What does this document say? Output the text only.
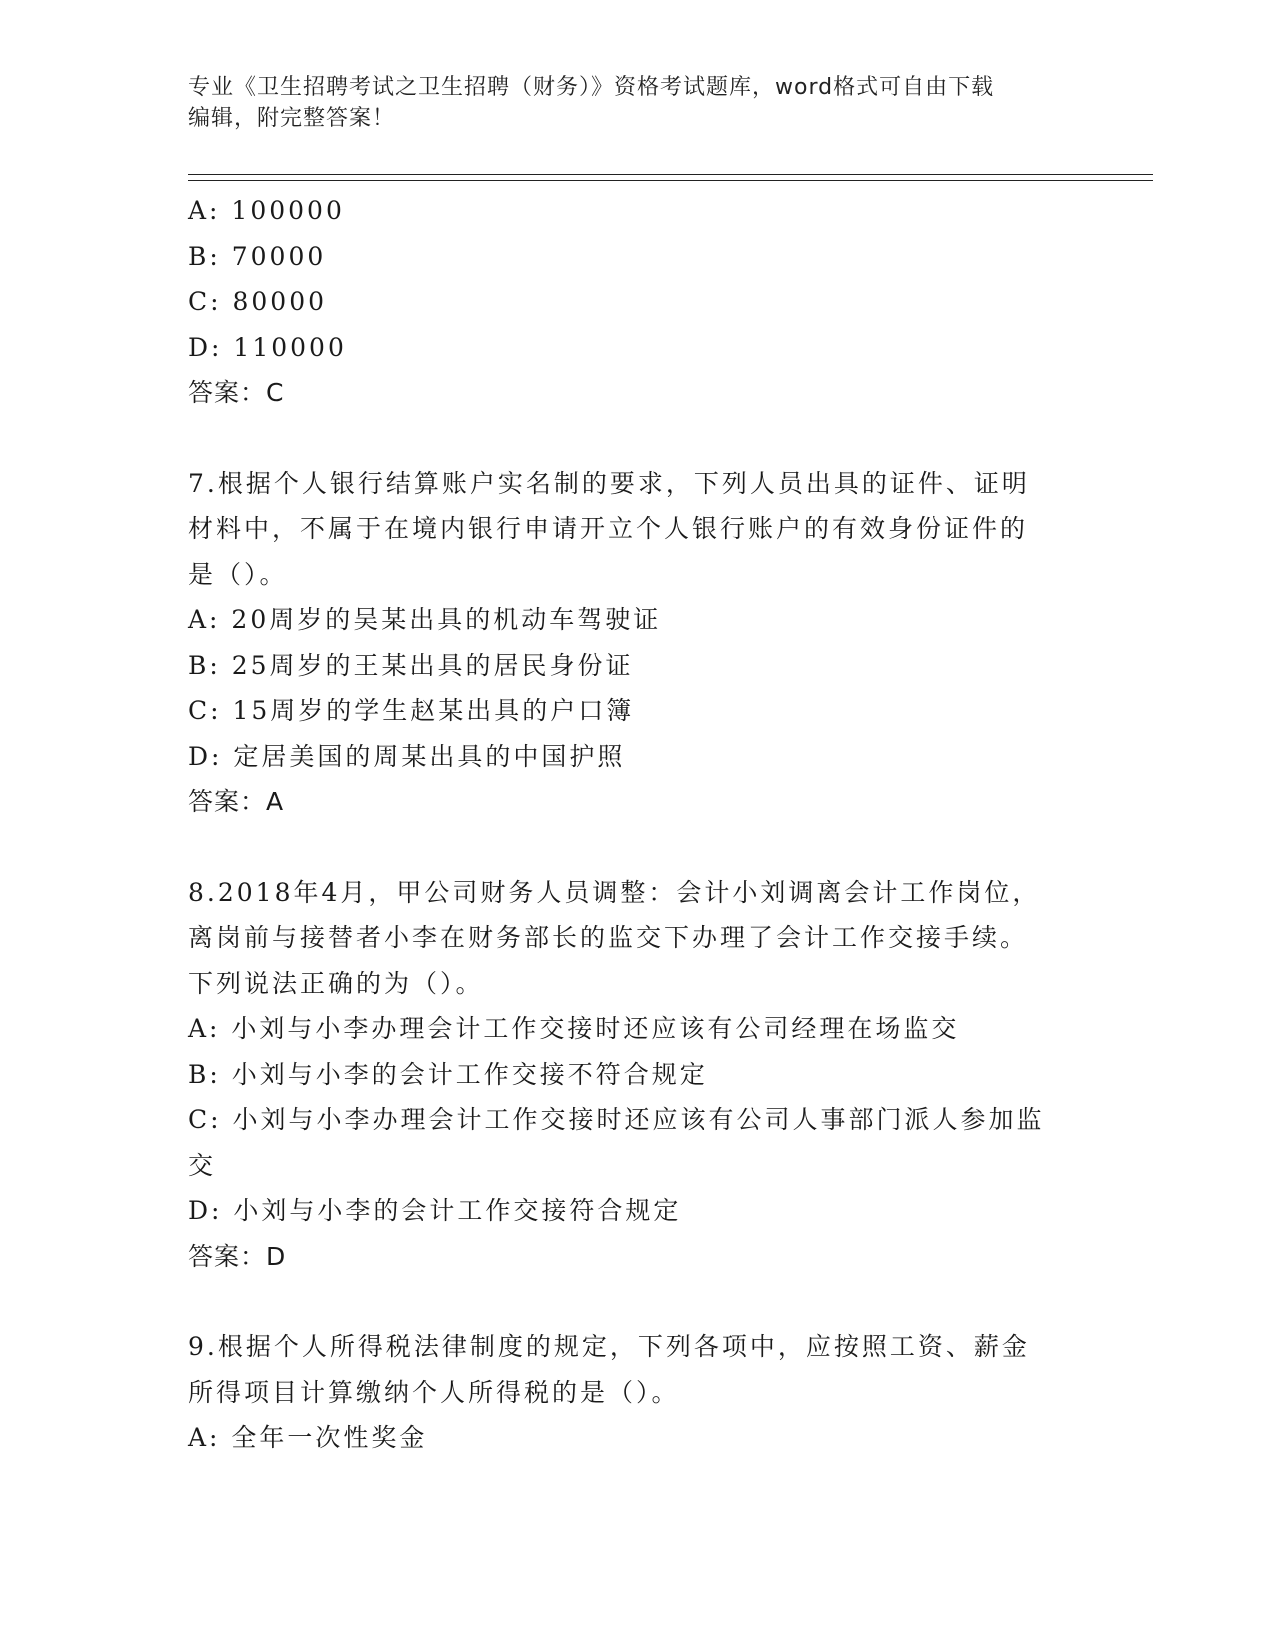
专业《卫生招聘考试之卫生招聘（财务）》资格考试题库，word格式可自由下载
编辑，附完整答案！
A: 100000
B: 70000
C: 80000
D: 110000
答案：C
7.根据个人银行结算账户实名制的要求，下列人员出具的证件、证明
材料中，不属于在境内银行申请开立个人银行账户的有效身份证件的
是（）。
A: 20周岁的吴某出具的机动车驾驶证
B: 25周岁的王某出具的居民身份证
C: 15周岁的学生赵某出具的户口簿
D: 定居美国的周某出具的中国护照
答案：A
8.2018年4月，甲公司财务人员调整：会计小刘调离会计工作岗位，
离岗前与接替者小李在财务部长的监交下办理了会计工作交接手续。
下列说法正确的为（）。
A: 小刘与小李办理会计工作交接时还应该有公司经理在场监交
B: 小刘与小李的会计工作交接不符合规定
C: 小刘与小李办理会计工作交接时还应该有公司人事部门派人参加监
交
D: 小刘与小李的会计工作交接符合规定
答案：D
9.根据个人所得税法律制度的规定，下列各项中，应按照工资、薪金
所得项目计算缴纳个人所得税的是（）。
A: 全年一次性奖金
